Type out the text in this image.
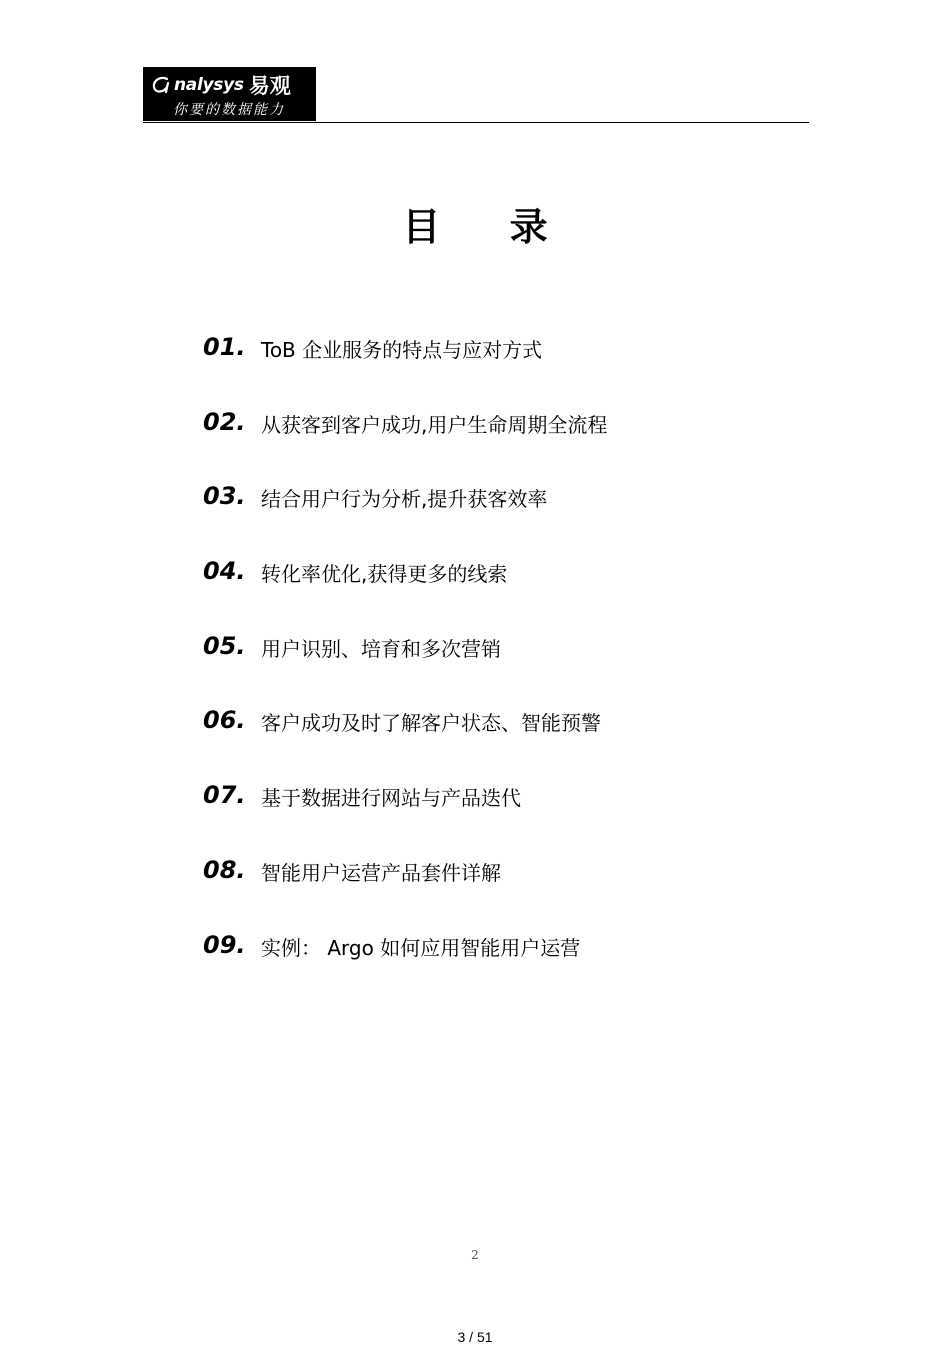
nalysys 易观
你要的数据能力
目 录
01. ToB 企业服务的特点与应对方式
02. 从获客到客户成功,用户生命周期全流程
03. 结合用户行为分析,提升获客效率
04. 转化率优化,获得更多的线索
05. 用户识别、培育和多次营销
06. 客户成功及时了解客户状态、智能预警
07. 基于数据进行网站与产品迭代
08. 智能用户运营产品套件详解
09. 实例： Argo 如何应用智能用户运营
2
3 / 51
